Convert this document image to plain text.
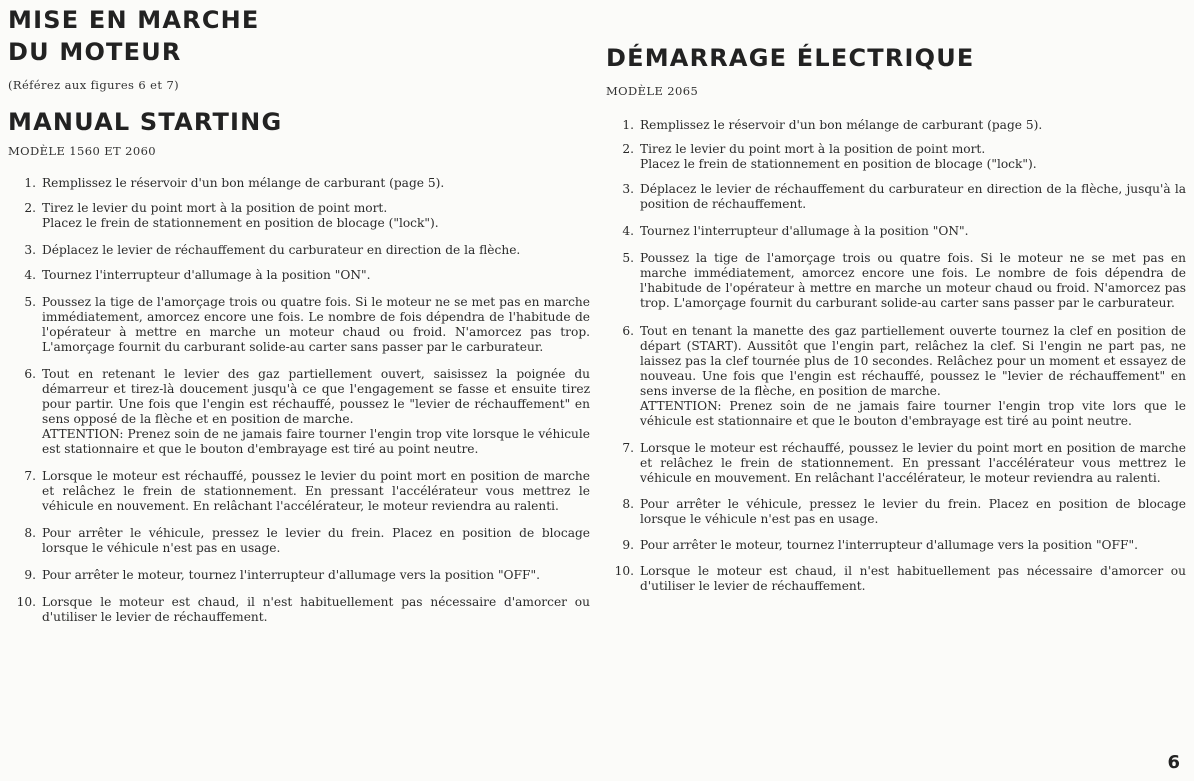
MISE EN MARCHE
DU MOTEUR

(Référez aux figures 6 et 7)

MANUAL STARTING

MODÈLE 1560 ET 2060

1. Remplissez le réservoir d'un bon mélange de carburant (page 5).
2. Tirez le levier du point mort à la position de point mort.
Placez le frein de stationnement en position de blocage ("lock").
3. Déplacez le levier de réchauffement du carburateur en direction de la flèche.
4. Tournez l'interrupteur d'allumage à la position "ON".
5. Poussez la tige de l'amorçage trois ou quatre fois. Si le moteur ne se met pas en marche immédiatement, amorcez encore une fois. Le nombre de fois dépendra de l'habitude de l'opérateur à mettre en marche un moteur chaud ou froid. N'amorcez pas trop. L'amorçage fournit du carburant solide-au carter sans passer par le carburateur.
6. Tout en retenant le levier des gaz partiellement ouvert, saisissez la poignée du démarreur et tirez-là doucement jusqu'à ce que l'engagement se fasse et ensuite tirez pour partir. Une fois que l'engin est réchauffé, poussez le "levier de réchauffement" en sens opposé de la flèche et en position de marche.
ATTENTION: Prenez soin de ne jamais faire tourner l'engin trop vite lorsque le véhicule est stationnaire et que le bouton d'embrayage est tiré au point neutre.
7. Lorsque le moteur est réchauffé, poussez le levier du point mort en position de marche et relâchez le frein de stationnement. En pressant l'accélérateur vous mettrez le véhicule en nouvement. En relâchant l'accélérateur, le moteur reviendra au ralenti.
8. Pour arrêter le véhicule, pressez le levier du frein. Placez en position de blocage lorsque le véhicule n'est pas en usage.
9. Pour arrêter le moteur, tournez l'interrupteur d'allumage vers la position "OFF".
10. Lorsque le moteur est chaud, il n'est habituellement pas nécessaire d'amorcer ou d'utiliser le levier de réchauffement.
DÉMARRAGE ÉLECTRIQUE

MODÈLE 2065

1. Remplissez le réservoir d'un bon mélange de carburant (page 5).
2. Tirez le levier du point mort à la position de point mort.
Placez le frein de stationnement en position de blocage ("lock").
3. Déplacez le levier de réchauffement du carburateur en direction de la flèche, jusqu'à la position de réchauffement.
4. Tournez l'interrupteur d'allumage à la position "ON".
5. Poussez la tige de l'amorçage trois ou quatre fois. Si le moteur ne se met pas en marche immédiatement, amorcez encore une fois. Le nombre de fois dépendra de l'habitude de l'opérateur à mettre en marche un moteur chaud ou froid. N'amorcez pas trop. L'amorçage fournit du carburant solide-au carter sans passer par le carburateur.
6. Tout en tenant la manette des gaz partiellement ouverte tournez la clef en position de départ (START). Aussitôt que l'engin part, relâchez la clef. Si l'engin ne part pas, ne laissez pas la clef tournée plus de 10 secondes. Relâchez pour un moment et essayez de nouveau. Une fois que l'engin est réchauffé, poussez le "levier de réchauffement" en sens inverse de la flèche, en position de marche.
ATTENTION: Prenez soin de ne jamais faire tourner l'engin trop vite lors que le véhicule est stationnaire et que le bouton d'embrayage est tiré au point neutre.
7. Lorsque le moteur est réchauffé, poussez le levier du point mort en position de marche et relâchez le frein de stationnement. En pressant l'accélérateur vous mettrez le véhicule en mouvement. En relâchant l'accélérateur, le moteur reviendra au ralenti.
8. Pour arrêter le véhicule, pressez le levier du frein. Placez en position de blocage lorsque le véhicule n'est pas en usage.
9. Pour arrêter le moteur, tournez l'interrupteur d'allumage vers la position "OFF".
10. Lorsque le moteur est chaud, il n'est habituellement pas nécessaire d'amorcer ou d'utiliser le levier de réchauffement.
6
